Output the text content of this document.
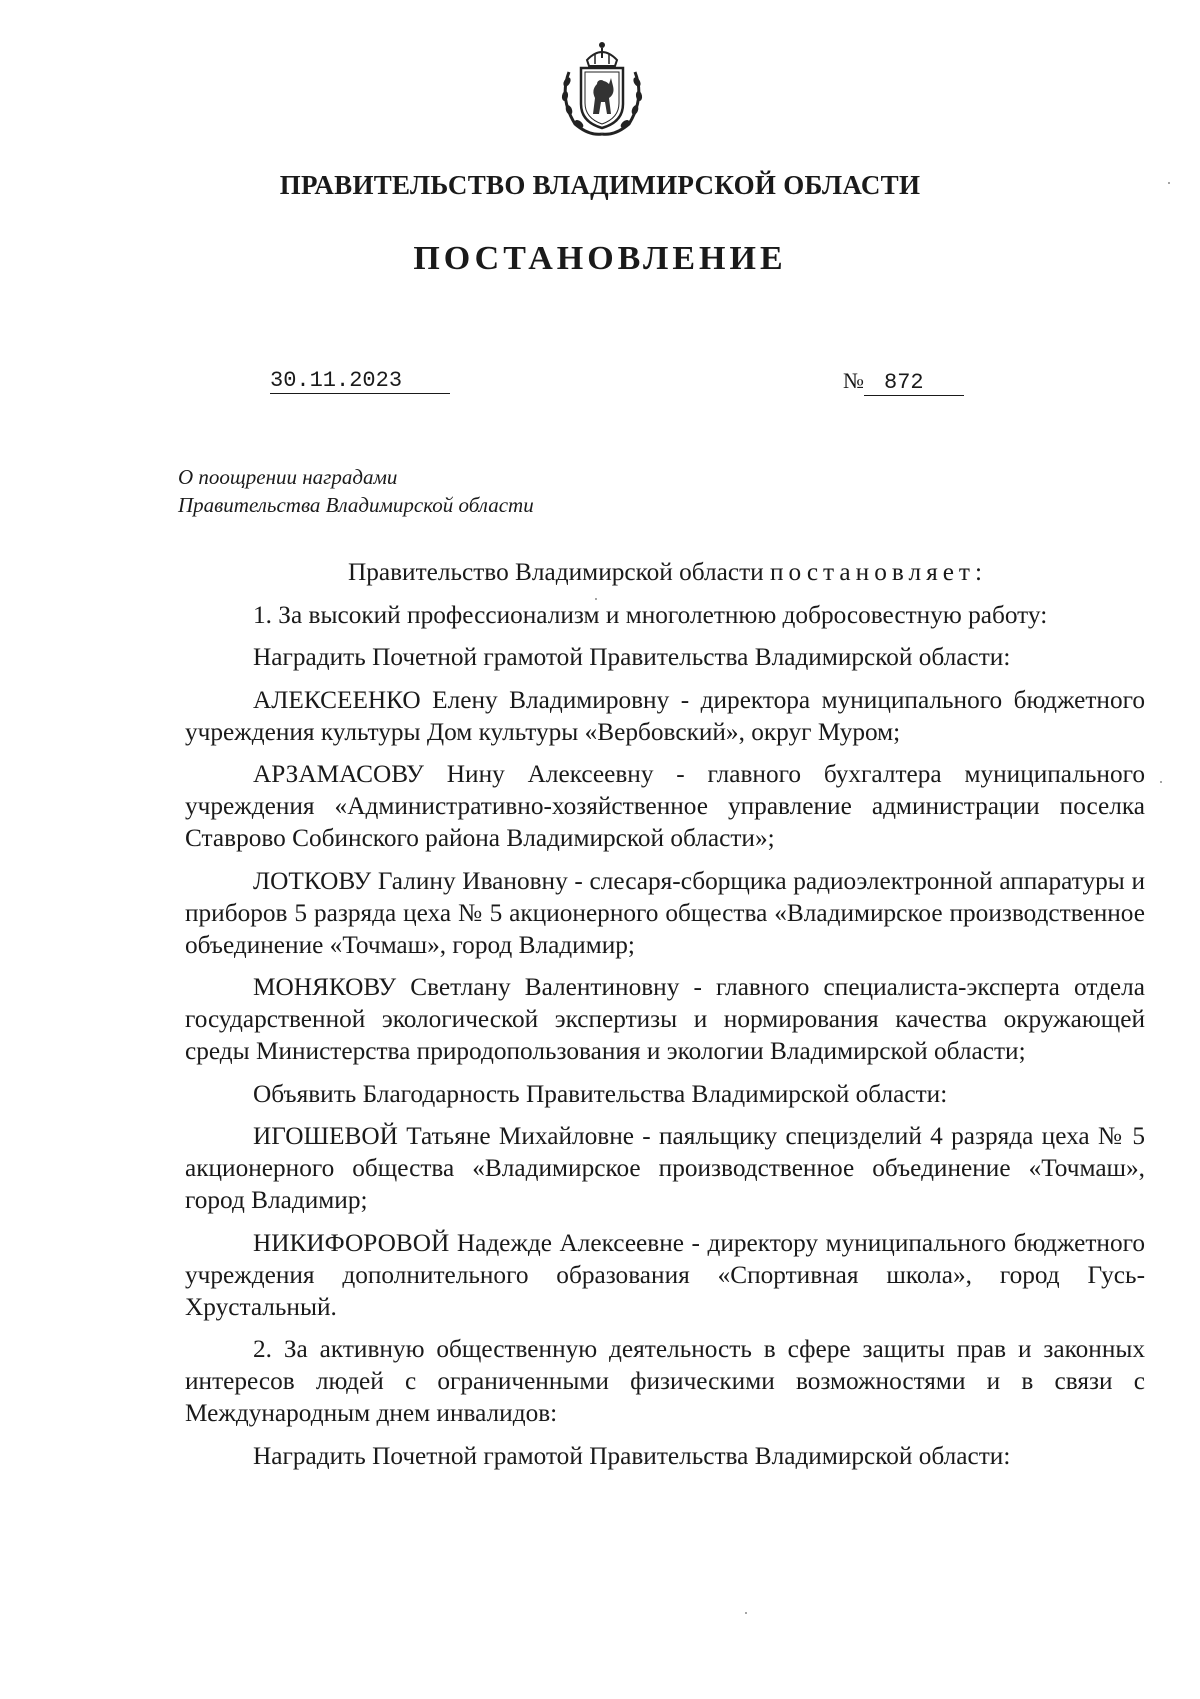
ПРАВИТЕЛЬСТВО ВЛАДИМИРСКОЙ ОБЛАСТИ
ПОСТАНОВЛЕНИЕ
30.11.2023	№ 872
О поощрении наградами
Правительства Владимирской области

Правительство Владимирской области постановляет:

1. За высокий профессионализм и многолетнюю добросовестную работу:

Наградить Почетной грамотой Правительства Владимирской области:

АЛЕКСЕЕНКО Елену Владимировну - директора муниципального бюджетного учреждения культуры Дом культуры «Вербовский», округ Муром;

АРЗАМАСОВУ Нину Алексеевну - главного бухгалтера муниципального учреждения «Административно-хозяйственное управление администрации поселка Ставрово Собинского района Владимирской области»;

ЛОТКОВУ Галину Ивановну - слесаря-сборщика радиоэлектронной аппаратуры и приборов 5 разряда цеха № 5 акционерного общества «Владимирское производственное объединение «Точмаш», город Владимир;

МОНЯКОВУ Светлану Валентиновну - главного специалиста-эксперта отдела государственной экологической экспертизы и нормирования качества окружающей среды Министерства природопользования и экологии Владимирской области;

Объявить Благодарность Правительства Владимирской области:

ИГОШЕВОЙ Татьяне Михайловне - паяльщику специзделий 4 разряда цеха № 5 акционерного общества «Владимирское производственное объединение «Точмаш», город Владимир;

НИКИФОРОВОЙ Надежде Алексеевне - директору муниципального бюджетного учреждения дополнительного образования «Спортивная школа», город Гусь-Хрустальный.

2. За активную общественную деятельность в сфере защиты прав и законных интересов людей с ограниченными физическими возможностями и в связи с Международным днем инвалидов:

Наградить Почетной грамотой Правительства Владимирской области:
